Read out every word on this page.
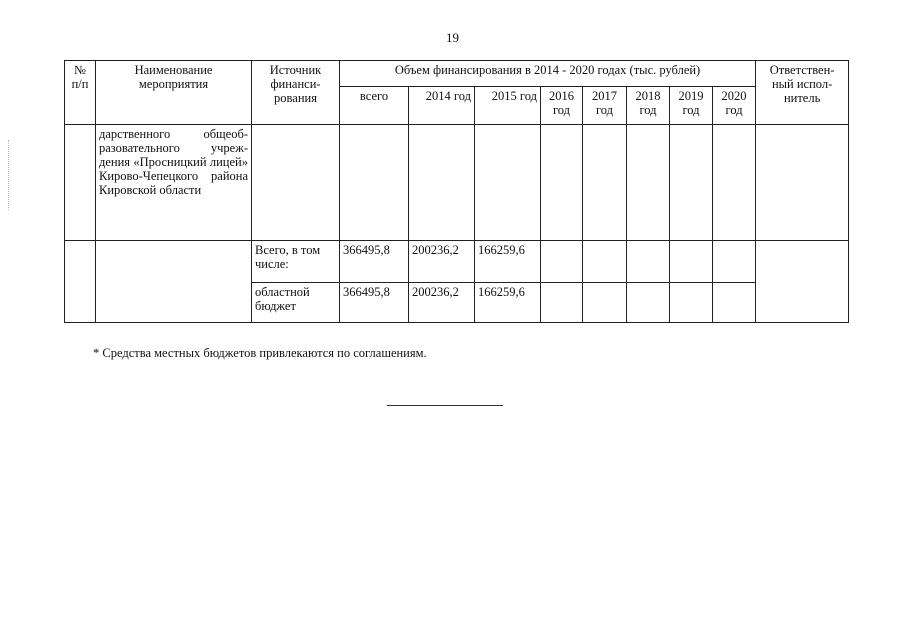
19
№ п/п	Наименование мероприятия	Источник финанси-рования	Объем финансирования в 2014 - 2020 годах (тыс. рублей)								Ответствен-ный испол-нитель
			всего	2014 год	2015 год	2016 год	2017 год	2018 год	2019 год	2020 год	
	дарственного общеоб-разовательного учреж-дения «Просницкий лицей» Кирово-Чепецкого района Кировской области										
		Всего, в том числе:	366495,8	200236,2	166259,6						
		областной бюджет	366495,8	200236,2	166259,6						
* Средства местных бюджетов привлекаются по соглашениям.
